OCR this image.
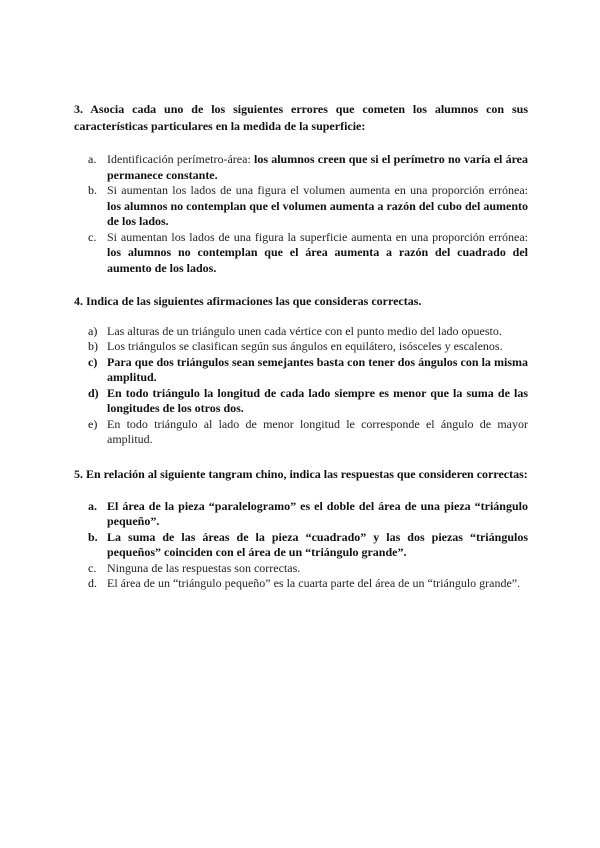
3. Asocia cada uno de los siguientes errores que cometen los alumnos con sus características particulares en la medida de la superficie:

a. Identificación perímetro-área: los alumnos creen que si el perímetro no varía el área permanece constante.
b. Si aumentan los lados de una figura el volumen aumenta en una proporción errónea: los alumnos no contemplan que el volumen aumenta a razón del cubo del aumento de los lados.
c. Si aumentan los lados de una figura la superficie aumenta en una proporción errónea: los alumnos no contemplan que el área aumenta a razón del cuadrado del aumento de los lados.

4. Indica de las siguientes afirmaciones las que consideras correctas.

a) Las alturas de un triángulo unen cada vértice con el punto medio del lado opuesto.
b) Los triángulos se clasifican según sus ángulos en equilátero, isósceles y escalenos.
c) Para que dos triángulos sean semejantes basta con tener dos ángulos con la misma amplitud.
d) En todo triángulo la longitud de cada lado siempre es menor que la suma de las longitudes de los otros dos.
e) En todo triángulo al lado de menor longitud le corresponde el ángulo de mayor amplitud.

5. En relación al siguiente tangram chino, indica las respuestas que consideren correctas:

a. El área de la pieza “paralelogramo” es el doble del área de una pieza “triángulo pequeño”.
b. La suma de las áreas de la pieza “cuadrado” y las dos piezas “triángulos pequeños” coinciden con el área de un “triángulo grande”.
c. Ninguna de las respuestas son correctas.
d. El área de un “triángulo pequeño” es la cuarta parte del área de un “triángulo grande”.
